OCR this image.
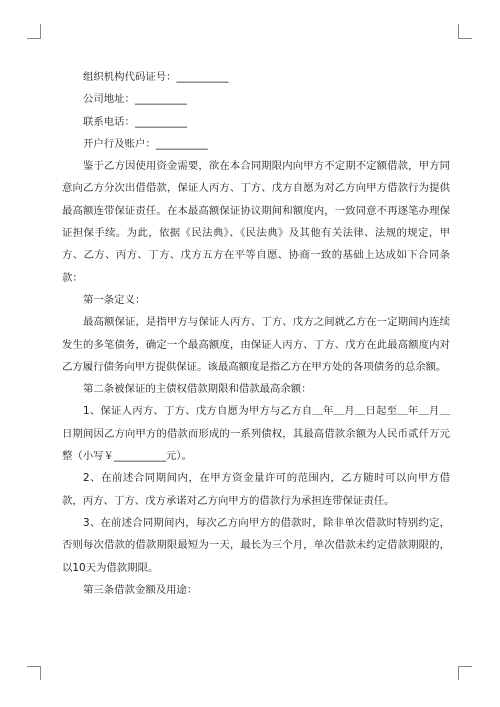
组织机构代码证号：__________

公司地址：__________

联系电话：__________

开户行及账户：__________

鉴于乙方因使用资金需要，欲在本合同期限内向甲方不定期不定额借款，甲方同意向乙方分次出借借款，保证人丙方、丁方、戊方自愿为对乙方向甲方借款行为提供最高额连带保证责任。在本最高额保证协议期间和额度内，一致同意不再逐笔办理保证担保手续。为此，依据《民法典》、《民法典》及其他有关法律、法规的规定，甲方、乙方、丙方、丁方、戊方五方在平等自愿、协商一致的基础上达成如下合同条款：

第一条定义：

最高额保证，是指甲方与保证人丙方、丁方、戊方之间就乙方在一定期间内连续发生的多笔债务，确定一个最高额度，由保证人丙方、丁方、戊方在此最高额度内对乙方履行债务向甲方提供保证。该最高额度是指乙方在甲方处的各项债务的总余额。

第二条被保证的主债权借款期限和借款最高余额：

1、保证人丙方、丁方、戊方自愿为甲方与乙方自＿年＿月＿日起至＿年＿月＿日期间因乙方向甲方的借款而形成的一系列债权，其最高借款余额为人民币贰仟万元整（小写￥__________元）。

2、在前述合同期间内，在甲方资金量许可的范围内，乙方随时可以向甲方借款，丙方、丁方、戊方承诺对乙方向甲方的借款行为承担连带保证责任。

3、在前述合同期间内，每次乙方向甲方的借款时，除非单次借款时特别约定，否则每次借款的借款期限最短为一天，最长为三个月，单次借款未约定借款期限的，以10天为借款期限。

第三条借款金额及用途：
